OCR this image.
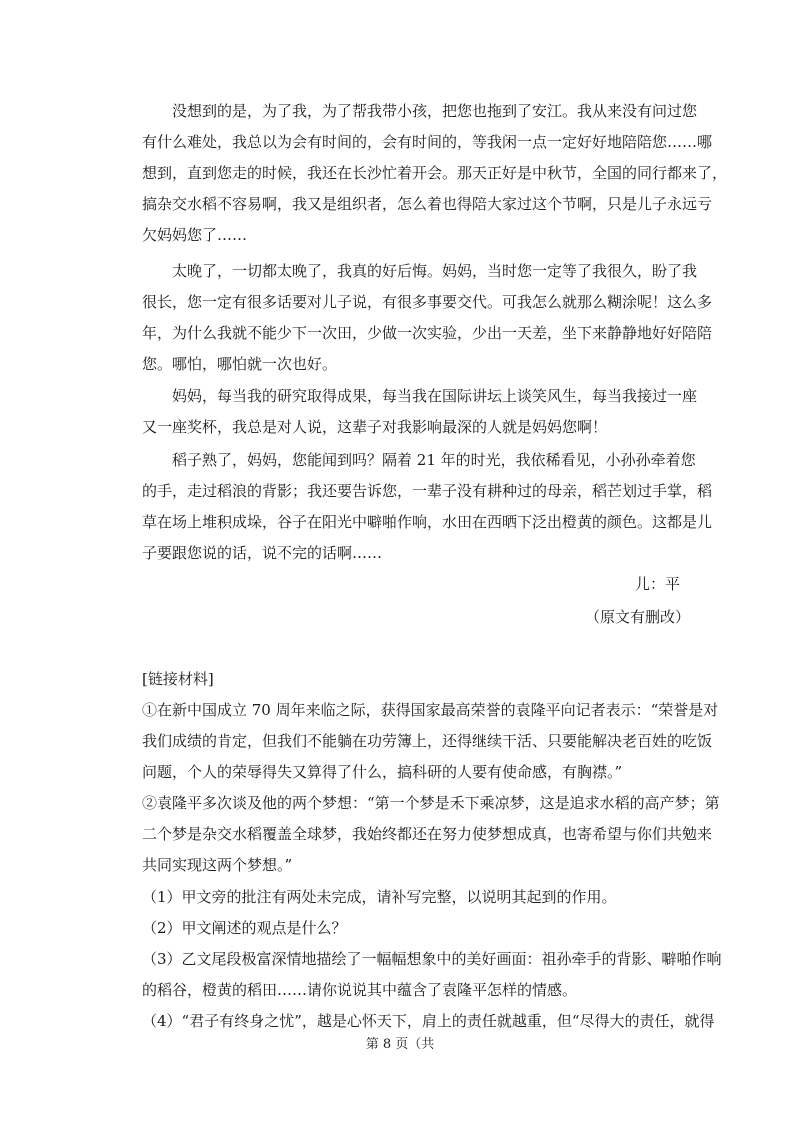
没想到的是，为了我，为了帮我带小孩，把您也拖到了安江。我从来没有问过您
有什么难处，我总以为会有时间的，会有时间的，等我闲一点一定好好地陪陪您……哪
想到，直到您走的时候，我还在长沙忙着开会。那天正好是中秋节，全国的同行都来了，
搞杂交水稻不容易啊，我又是组织者，怎么着也得陪大家过这个节啊，只是儿子永远亏
欠妈妈您了……
太晚了，一切都太晚了，我真的好后悔。妈妈，当时您一定等了我很久，盼了我
很长，您一定有很多话要对儿子说，有很多事要交代。可我怎么就那么糊涂呢！这么多
年，为什么我就不能少下一次田，少做一次实验，少出一天差，坐下来静静地好好陪陪
您。哪怕，哪怕就一次也好。
妈妈，每当我的研究取得成果，每当我在国际讲坛上谈笑风生，每当我接过一座
又一座奖杯，我总是对人说，这辈子对我影响最深的人就是妈妈您啊！
稻子熟了，妈妈，您能闻到吗？隔着 21 年的时光，我依稀看见，小孙孙牵着您
的手，走过稻浪的背影；我还要告诉您，一辈子没有耕种过的母亲，稻芒划过手掌，稻
草在场上堆积成垛，谷子在阳光中噼啪作响，水田在西晒下泛出橙黄的颜色。这都是儿
子要跟您说的话，说不完的话啊……
儿：平
（原文有删改）
[链接材料]
①在新中国成立 70 周年来临之际，获得国家最高荣誉的袁隆平向记者表示：“荣誉是对
我们成绩的肯定，但我们不能躺在功劳簿上，还得继续干活、只要能解决老百姓的吃饭
问题，个人的荣辱得失又算得了什么，搞科研的人要有使命感，有胸襟。”
②袁隆平多次谈及他的两个梦想：“第一个梦是禾下乘凉梦，这是追求水稻的高产梦；第
二个梦是杂交水稻覆盖全球梦，我始终都还在努力使梦想成真，也寄希望与你们共勉来
共同实现这两个梦想。”
（1）甲文旁的批注有两处未完成，请补写完整，以说明其起到的作用。
（2）甲文阐述的观点是什么？
（3）乙文尾段极富深情地描绘了一幅幅想象中的美好画面：祖孙牵手的背影、噼啪作响
的稻谷，橙黄的稻田……请你说说其中蕴含了袁隆平怎样的情感。
（4）“君子有终身之忧”，越是心怀天下，肩上的责任就越重，但“尽得大的责任，就得
第 8 页（共
